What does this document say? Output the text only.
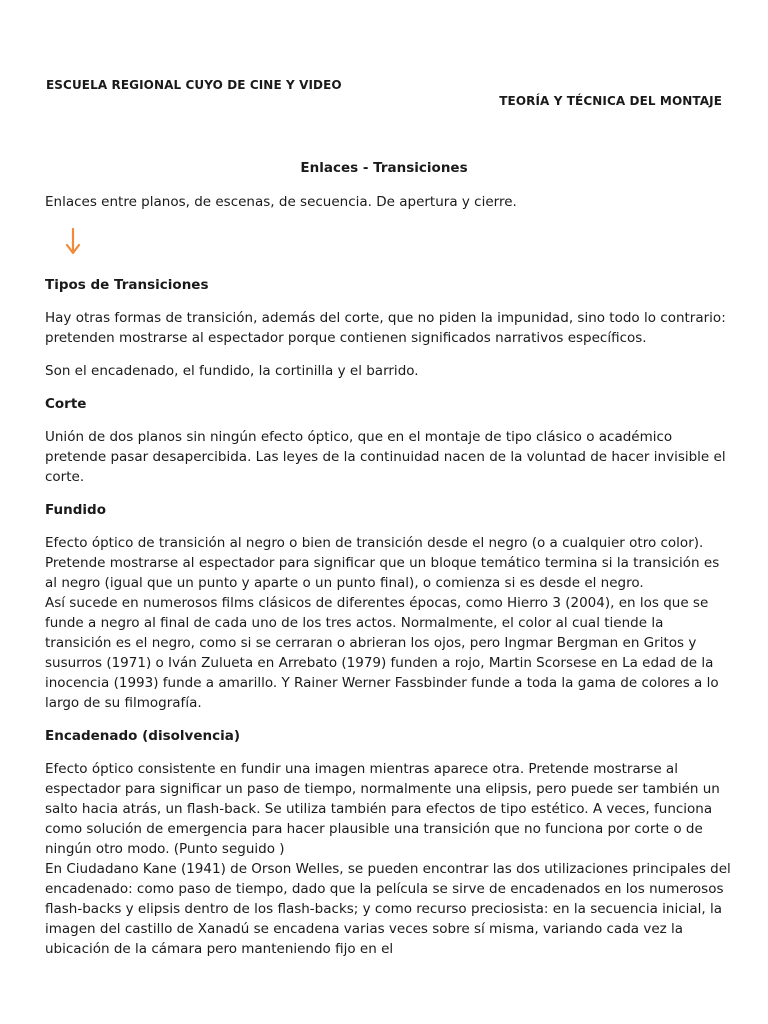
ESCUELA REGIONAL CUYO DE CINE Y VIDEO
TEORÍA Y TÉCNICA DEL MONTAJE
Enlaces - Transiciones

Enlaces entre planos, de escenas, de secuencia. De apertura y cierre.

Tipos de Transiciones

Hay otras formas de transición, además del corte, que no piden la impunidad, sino todo lo contrario: pretenden mostrarse al espectador porque contienen significados narrativos específicos.

Son el encadenado, el fundido, la cortinilla y el barrido.

Corte

Unión de dos planos sin ningún efecto óptico, que en el montaje de tipo clásico o académico pretende pasar desapercibida. Las leyes de la continuidad nacen de la voluntad de hacer invisible el corte.

Fundido

Efecto óptico de transición al negro o bien de transición desde el negro (o a cualquier otro color). Pretende mostrarse al espectador para significar que un bloque temático termina si la transición es al negro (igual que un punto y aparte o un punto final), o comienza si es desde el negro.

Así sucede en numerosos films clásicos de diferentes épocas, como Hierro 3 (2004), en los que se funde a negro al final de cada uno de los tres actos. Normalmente, el color al cual tiende la transición es el negro, como si se cerraran o abrieran los ojos, pero Ingmar Bergman en Gritos y susurros (1971) o Iván Zulueta en Arrebato (1979) funden a rojo, Martin Scorsese en La edad de la inocencia (1993) funde a amarillo. Y Rainer Werner Fassbinder funde a toda la gama de colores a lo largo de su filmografía.

Encadenado (disolvencia)

Efecto óptico consistente en fundir una imagen mientras aparece otra. Pretende mostrarse al espectador para significar un paso de tiempo, normalmente una elipsis, pero puede ser también un salto hacia atrás, un flash-back. Se utiliza también para efectos de tipo estético. A veces, funciona como solución de emergencia para hacer plausible una transición que no funciona por corte o de ningún otro modo. (Punto seguido )

En Ciudadano Kane (1941) de Orson Welles, se pueden encontrar las dos utilizaciones principales del encadenado: como paso de tiempo, dado que la película se sirve de encadenados en los numerosos flash-backs y elipsis dentro de los flash-backs; y como recurso preciosista: en la secuencia inicial, la imagen del castillo de Xanadú se encadena varias veces sobre sí misma, variando cada vez la ubicación de la cámara pero manteniendo fijo en el
